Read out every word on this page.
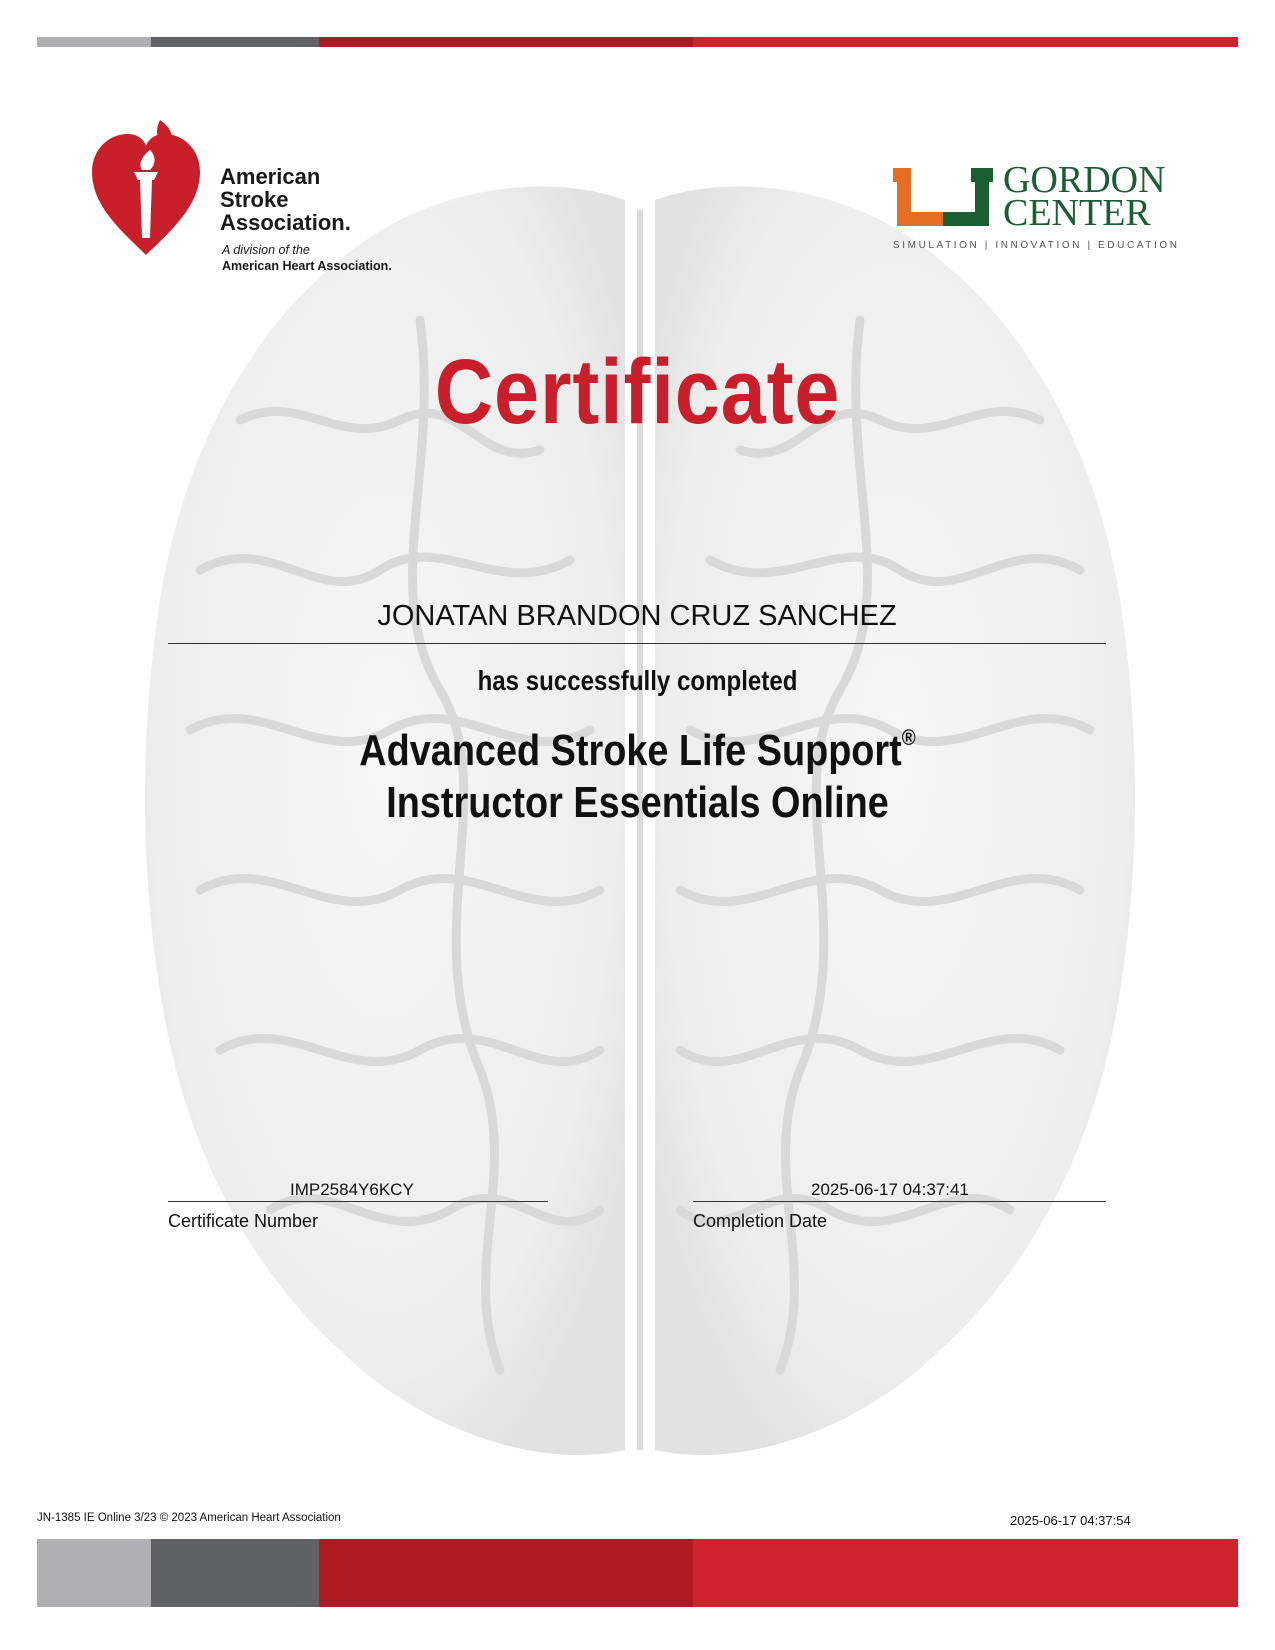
American
Stroke
Association.
A division of the
American Heart Association.
GORDON
CENTER
SIMULATION | INNOVATION | EDUCATION
Certificate
JONATAN BRANDON CRUZ SANCHEZ
has successfully completed
Advanced Stroke Life Support®
Instructor Essentials Online
IMP2584Y6KCY
Certificate Number
2025-06-17 04:37:41
Completion Date
JN-1385 IE Online 3/23 © 2023 American Heart Association	2025-06-17 04:37:54
